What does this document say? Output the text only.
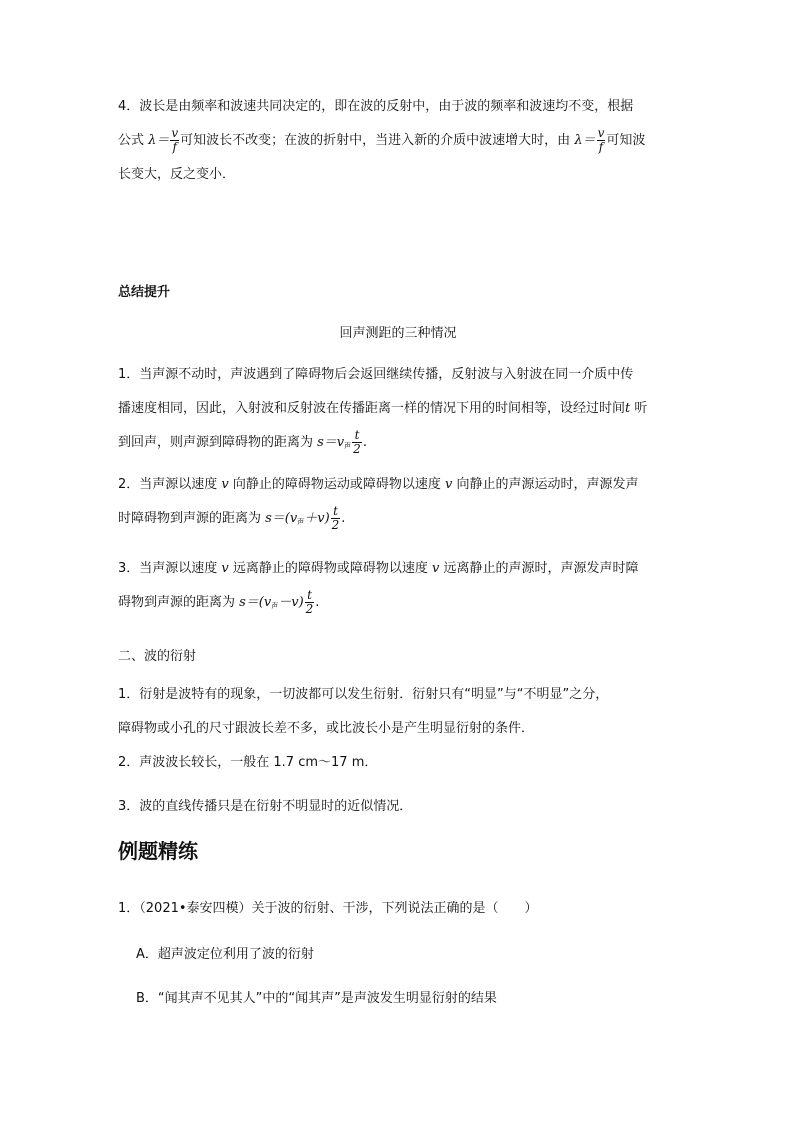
4．波长是由频率和波速共同决定的，即在波的反射中，由于波的频率和波速均不变，根据
公式 $\lambda= \frac{v}{f}$ 可知波长不改变；在波的折射中，当进入新的介质中波速增大时，由 $\lambda= \frac{v}{f}$ 可知波
长变大，反之变小．
总结提升
回声测距的三种情况
1．当声源不动时，声波遇到了障碍物后会返回继续传播，反射波与入射波在同一介质中传
播速度相同，因此，入射波和反射波在传播距离一样的情况下用的时间相等，设经过时间t 听
到回声，则声源到障碍物的距离为 $s=v_声 \frac{t}{2}$ .
2．当声源以速度 v 向静止的障碍物运动或障碍物以速度 v 向静止的声源运动时，声源发声
时障碍物到声源的距离为 $s=(v_声+v) \frac{t}{2}$ .
3．当声源以速度 v 远离静止的障碍物或障碍物以速度 v 远离静止的声源时，声源发声时障
碍物到声源的距离为 $s=(v_声-v) \frac{t}{2}$ .
二、波的衍射
1．衍射是波特有的现象，一切波都可以发生衍射．衍射只有“明显”与“不明显”之分，
障碍物或小孔的尺寸跟波长差不多，或比波长小是产生明显衍射的条件．
2．声波波长较长，一般在 1.7 cm～17 m．
3．波的直线传播只是在衍射不明显时的近似情况．
例题精练
1．（2021•泰安四模）关于波的衍射、干涉，下列说法正确的是（　　）
A．超声波定位利用了波的衍射
B．“闻其声不见其人”中的“闻其声”是声波发生明显衍射的结果
